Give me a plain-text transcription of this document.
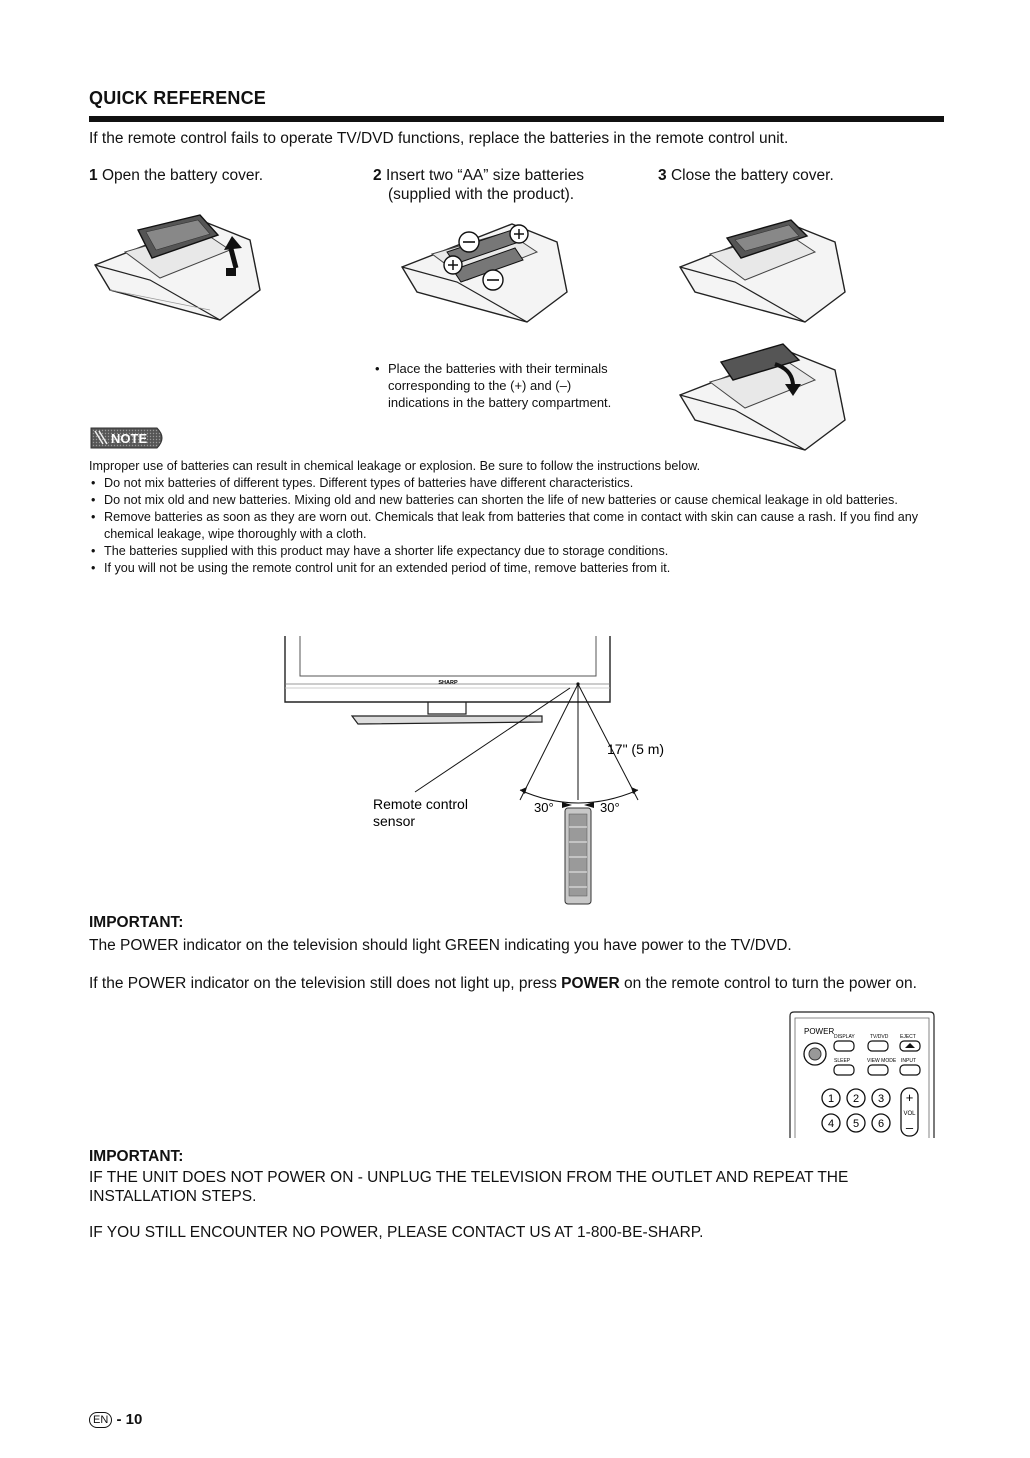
QUICK REFERENCE
If the remote control fails to operate TV/DVD functions, replace the batteries in the remote control unit.
1 Open the battery cover.	2 Insert two “AA” size batteries
(supplied with the product).
3 Close the battery cover.
• Place the batteries with their terminals
corresponding to the (+) and (–)
indications in the battery compartment.
NOTE

Improper use of batteries can result in chemical leakage or explosion. Be sure to follow the instructions below.

• Do not mix batteries of different types. Different types of batteries have different characteristics.
• Do not mix old and new batteries. Mixing old and new batteries can shorten the life of new batteries or cause chemical leakage in old batteries.
• Remove batteries as soon as they are worn out. Chemicals that leak from batteries that come in contact with skin can cause a rash. If you find any chemical leakage, wipe thoroughly with a cloth.
• The batteries supplied with this product may have a shorter life expectancy due to storage conditions.
• If you will not be using the remote control unit for an extended period of time, remove batteries from it.
SHARP
17" (5 m)
Remote control
sensor
30°	30°
IMPORTANT:
The POWER indicator on the television should light GREEN indicating you have power to the TV/DVD.
If the POWER indicator on the television still does not light up, press POWER on the remote control to turn the power on.
POWER
DISPLAY	TV/DVD EJECT
SLEEP	VIEW MODE INPUT
1 2 3
4 5 6
+
VOL
–
IMPORTANT:
IF THE UNIT DOES NOT POWER ON - UNPLUG THE TELEVISION FROM THE OUTLET AND REPEAT THE INSTALLATION STEPS.
IF YOU STILL ENCOUNTER NO POWER, PLEASE CONTACT US AT 1-800-BE-SHARP.
EN - 10
